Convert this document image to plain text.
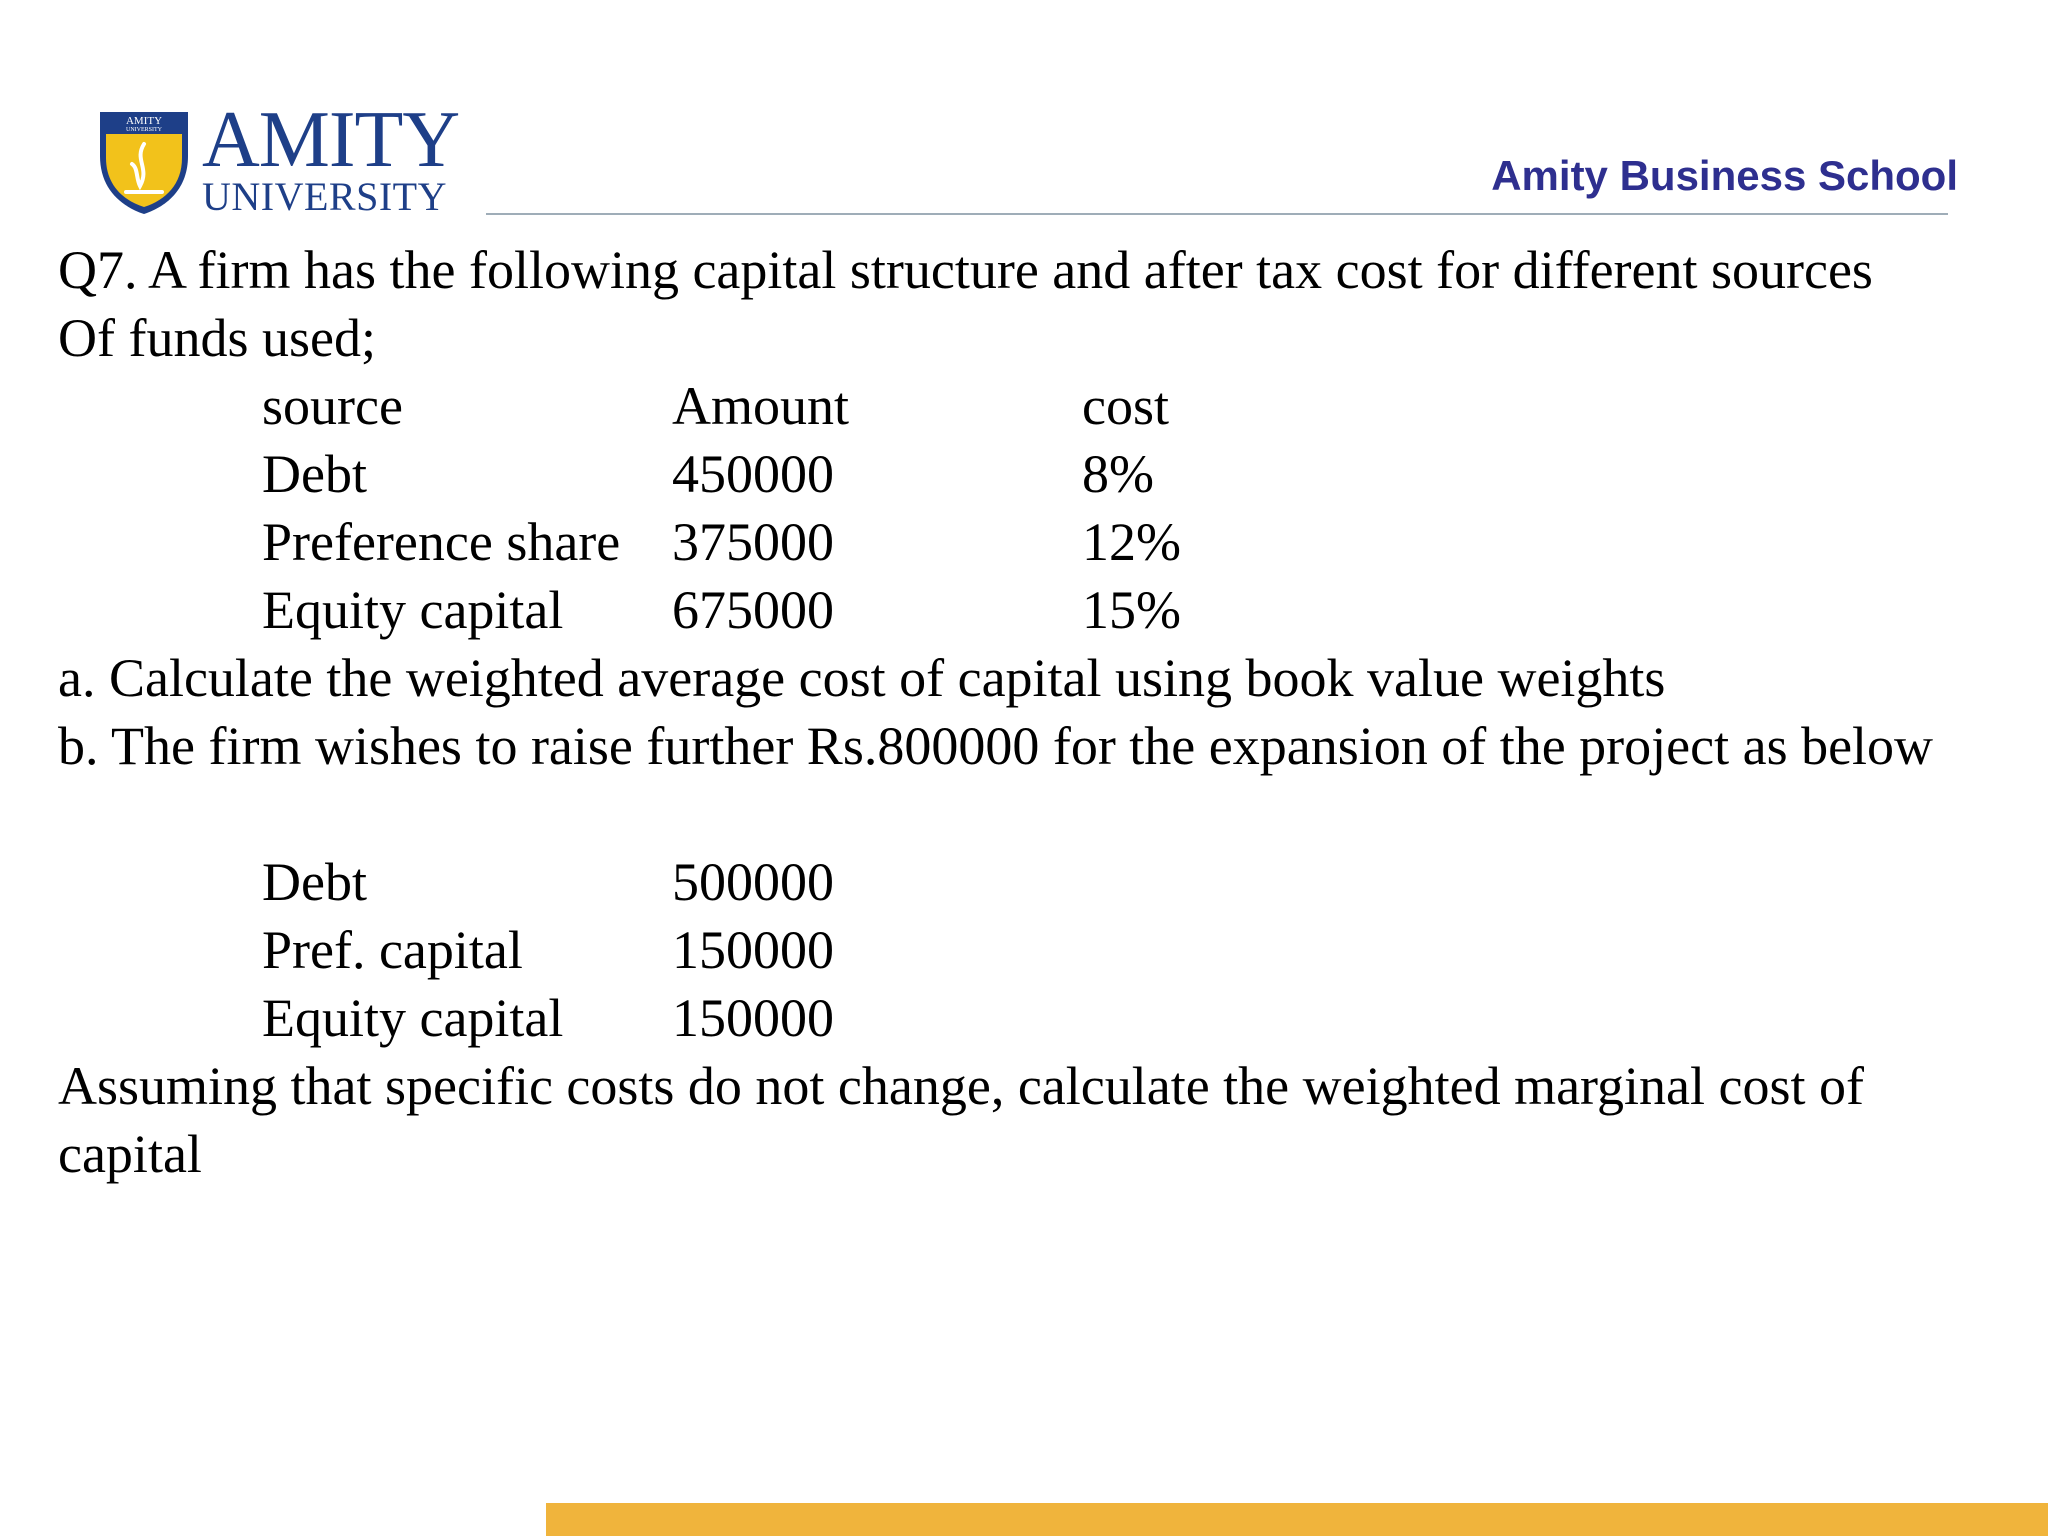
AMITY
UNIVERSITY AMITY
UNIVERSITY	Amity Business School
Q7. A firm has the following capital structure and after tax cost for different sources
Of funds used;
source	Amount	cost
Debt	450000	8%
Preference share 375000	12%
Equity capital 675000	15%
a. Calculate the weighted average cost of capital using book value weights
b. The firm wishes to raise further Rs.800000 for the expansion of the project as below
Debt	500000
Pref. capital	150000
Equity capital 150000
Assuming that specific costs do not change, calculate the weighted marginal cost of
capital
